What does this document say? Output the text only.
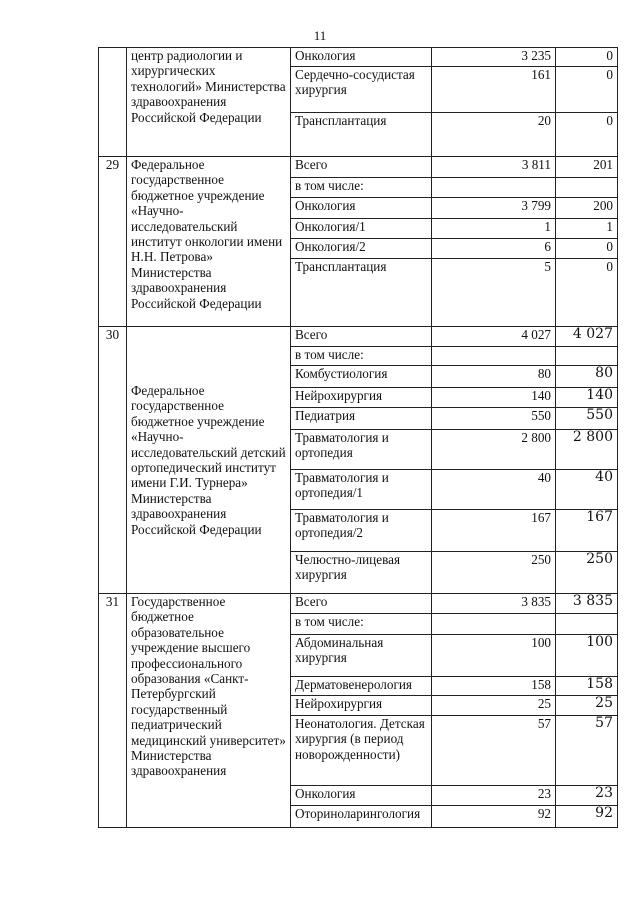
11
	центр радиологии и хирургических технологий» Министерства здравоохранения Российской Федерации	Онкология	3 235	0
		Сердечно-сосудистая хирургия	161	0
		Трансплантация	20	0
29	Федеральное государственное бюджетное учреждение «Научно-исследовательский институт онкологии имени Н.Н. Петрова» Министерства здравоохранения Российской Федерации	Всего	3 811	201
		в том числе:		
		Онкология	3 799	200
		Онкология/1	1	1
		Онкология/2	6	0
		Трансплантация	5	0
30	Федеральное государственное бюджетное учреждение «Научно-исследовательский детский ортопедический институт имени Г.И. Турнера» Министерства здравоохранения Российской Федерации	Всего	4 027	4 027
		в том числе:		
		Комбустиология	80	80
		Нейрохирургия	140	140
		Педиатрия	550	550
		Травматология и ортопедия	2 800	2 800
		Травматология и ортопедия/1	40	40
		Травматология и ортопедия/2	167	167
		Челюстно-лицевая хирургия	250	250
31	Государственное бюджетное образовательное учреждение высшего профессионального образования «Санкт-Петербургский государственный педиатрический медицинский университет» Министерства здравоохранения	Всего	3 835	3 835
		в том числе:		
		Абдоминальная хирургия	100	100
		Дерматовенерология	158	158
		Нейрохирургия	25	25
		Неонатология. Детская хирургия (в период новорожденности)	57	57
		Онкология	23	23
		Оториноларингология	92	92
